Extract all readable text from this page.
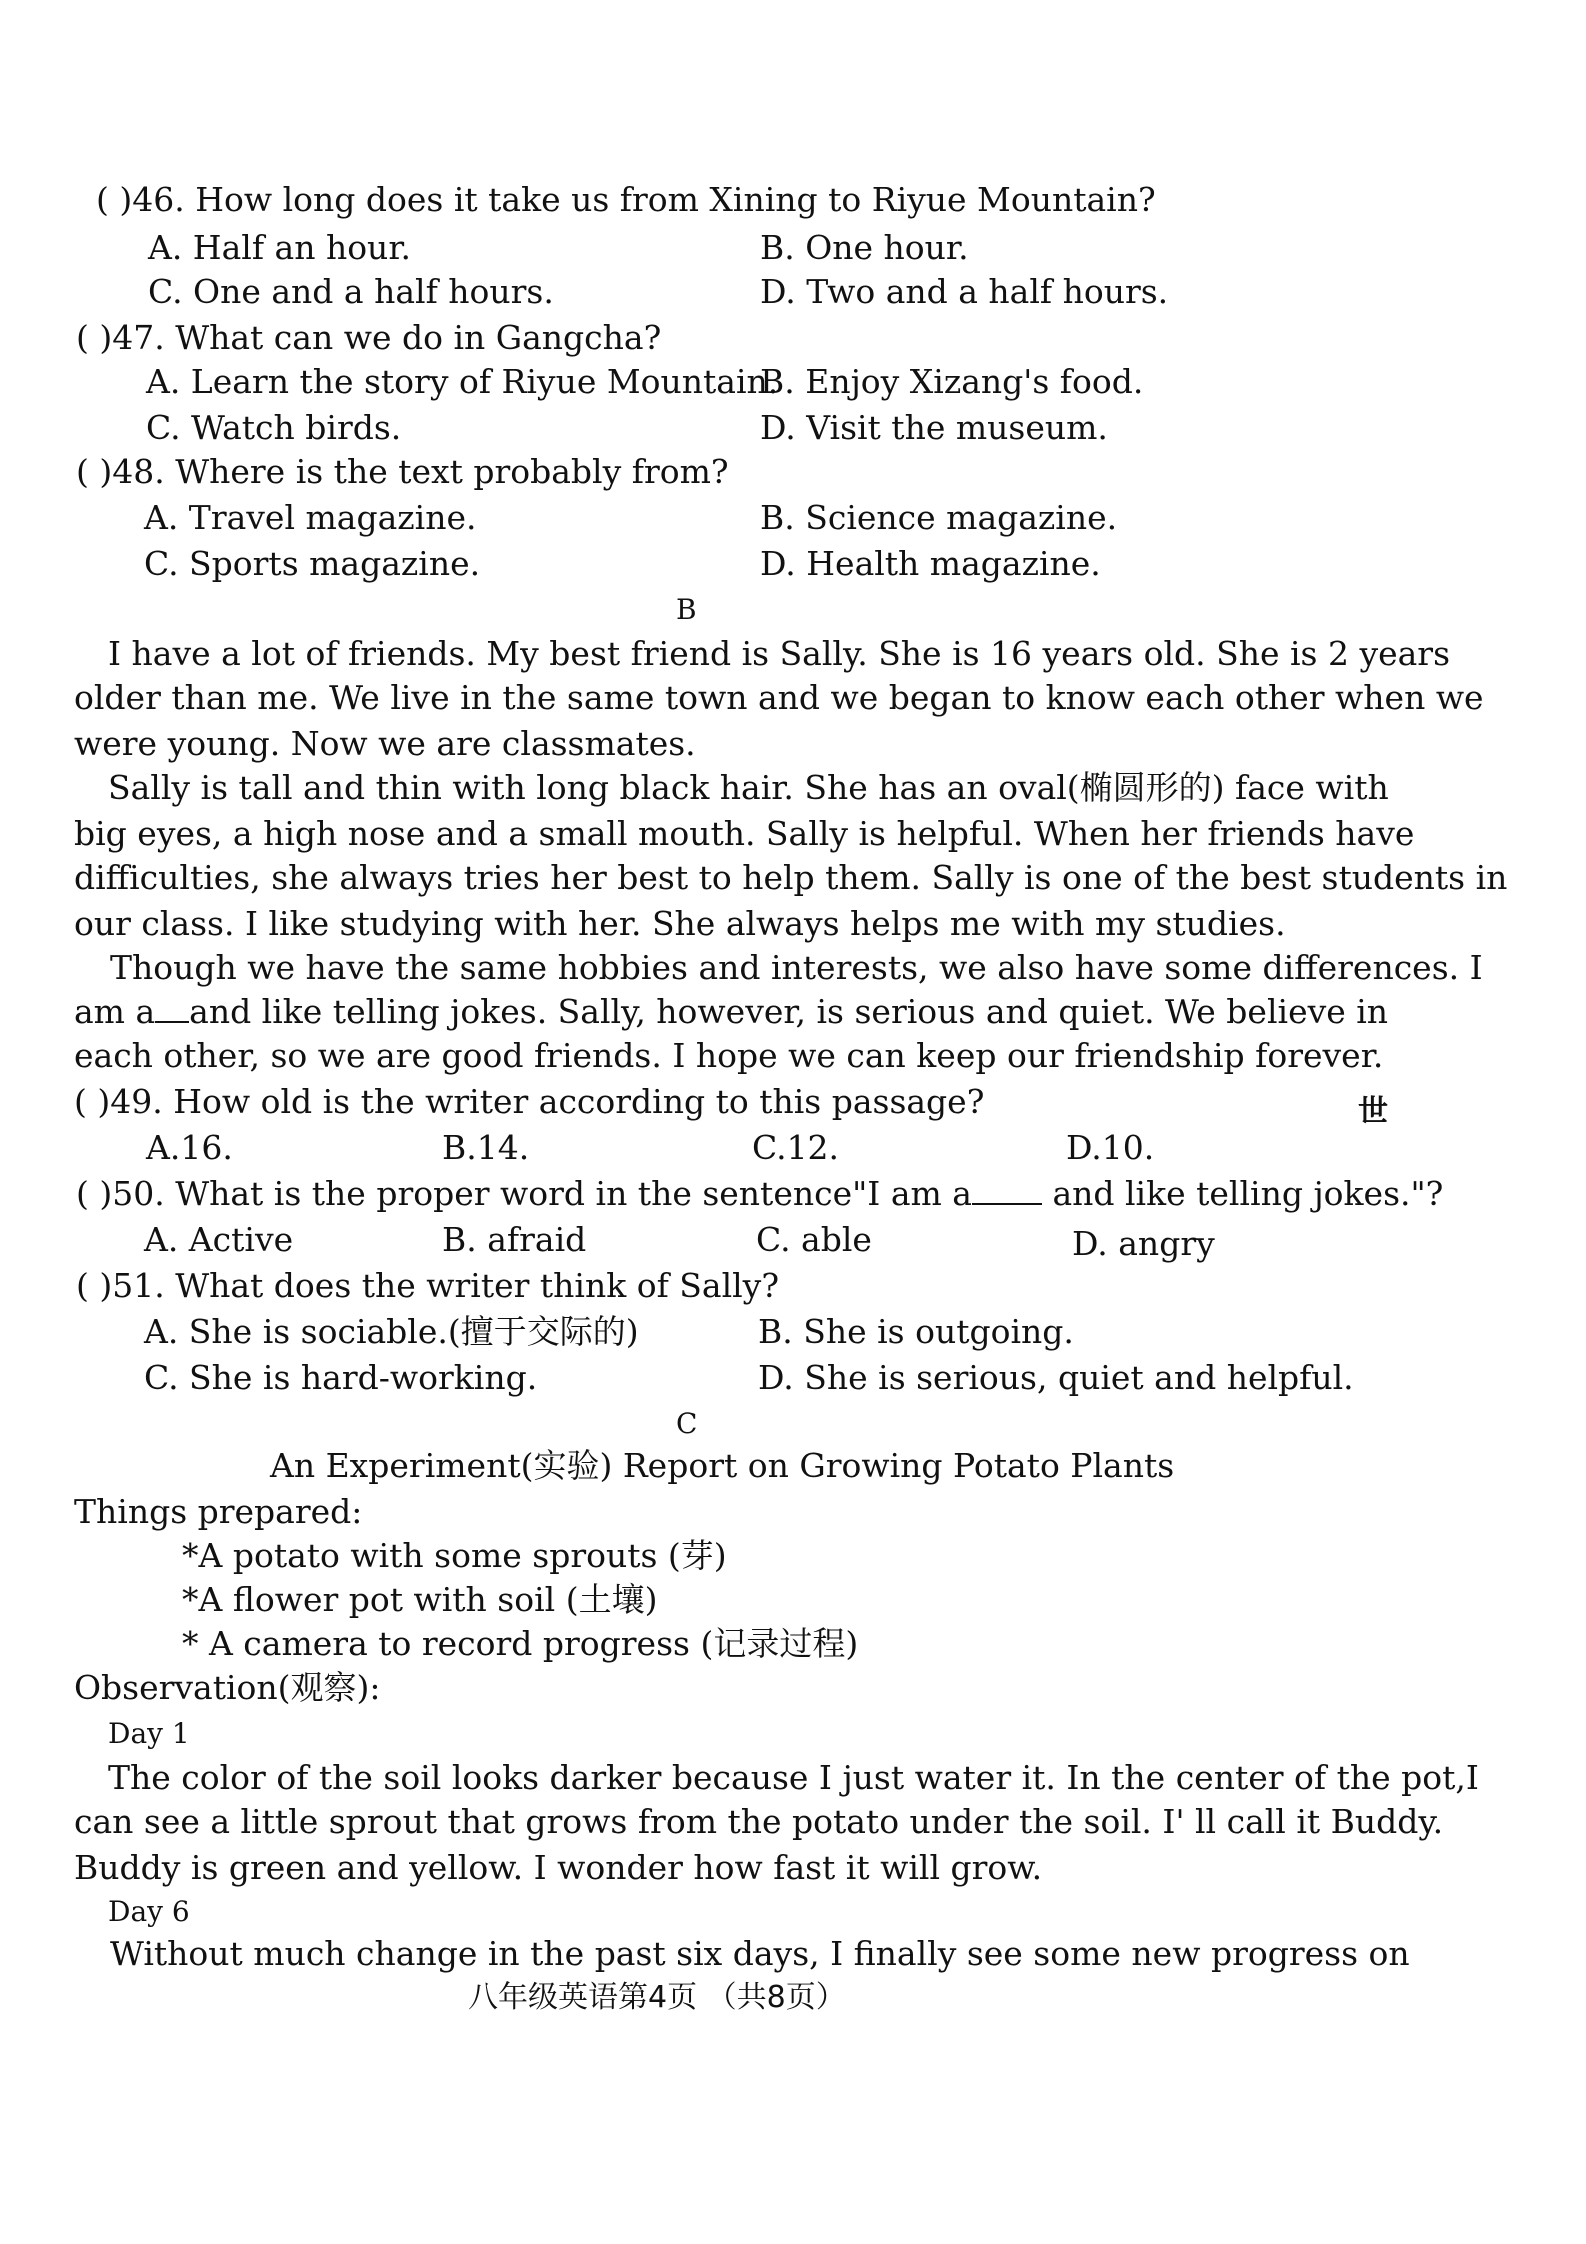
( )46. How long does it take us from Xining to Riyue Mountain?
A. Half an hour.	B. One hour.
C. One and a half hours.	D. Two and a half hours.
( )47. What can we do in Gangcha?
A. Learn the story of Riyue Mountain.
B. Enjoy Xizang's food.
C. Watch birds.	D. Visit the museum.
( )48. Where is the text probably from?
A. Travel magazine.	B. Science magazine.
C. Sports magazine.	D. Health magazine.
B
I have a lot of friends. My best friend is Sally. She is 16 years old. She is 2 years
older than me. We live in the same town and we began to know each other when we
were young. Now we are classmates.
Sally is tall and thin with long black hair. She has an oval(椭圆形的) face with
big eyes, a high nose and a small mouth. Sally is helpful. When her friends have
difficulties, she always tries her best to help them. Sally is one of the best students in
our class. I like studying with her. She always helps me with my studies.
Though we have the same hobbies and interests, we also have some differences. I
am a and like telling jokes. Sally, however, is serious and quiet. We believe in
each other, so we are good friends. I hope we can keep our friendship forever.
( )49. How old is the writer according to this passage?	世
A.16.	B.14.	C.12.	D.10.
( )50. What is the proper word in the sentence"I am a and like telling jokes."?
A. Active	B. afraid	C. able	D. angry
( )51. What does the writer think of Sally?
A. She is sociable.(擅于交际的)	B. She is outgoing.
C. She is hard-working.	D. She is serious, quiet and helpful.
C
An Experiment(实验) Report on Growing Potato Plants
Things prepared:
*A potato with some sprouts (芽)
*A flower pot with soil (土壤)
* A camera to record progress (记录过程)
Observation(观察):
Day 1
The color of the soil looks darker because I just water it. In the center of the pot,I
can see a little sprout that grows from the potato under the soil. I' ll call it Buddy.
Buddy is green and yellow. I wonder how fast it will grow.
Day 6
Without much change in the past six days, I finally see some new progress on
八年级英语第4页 （共8页）
